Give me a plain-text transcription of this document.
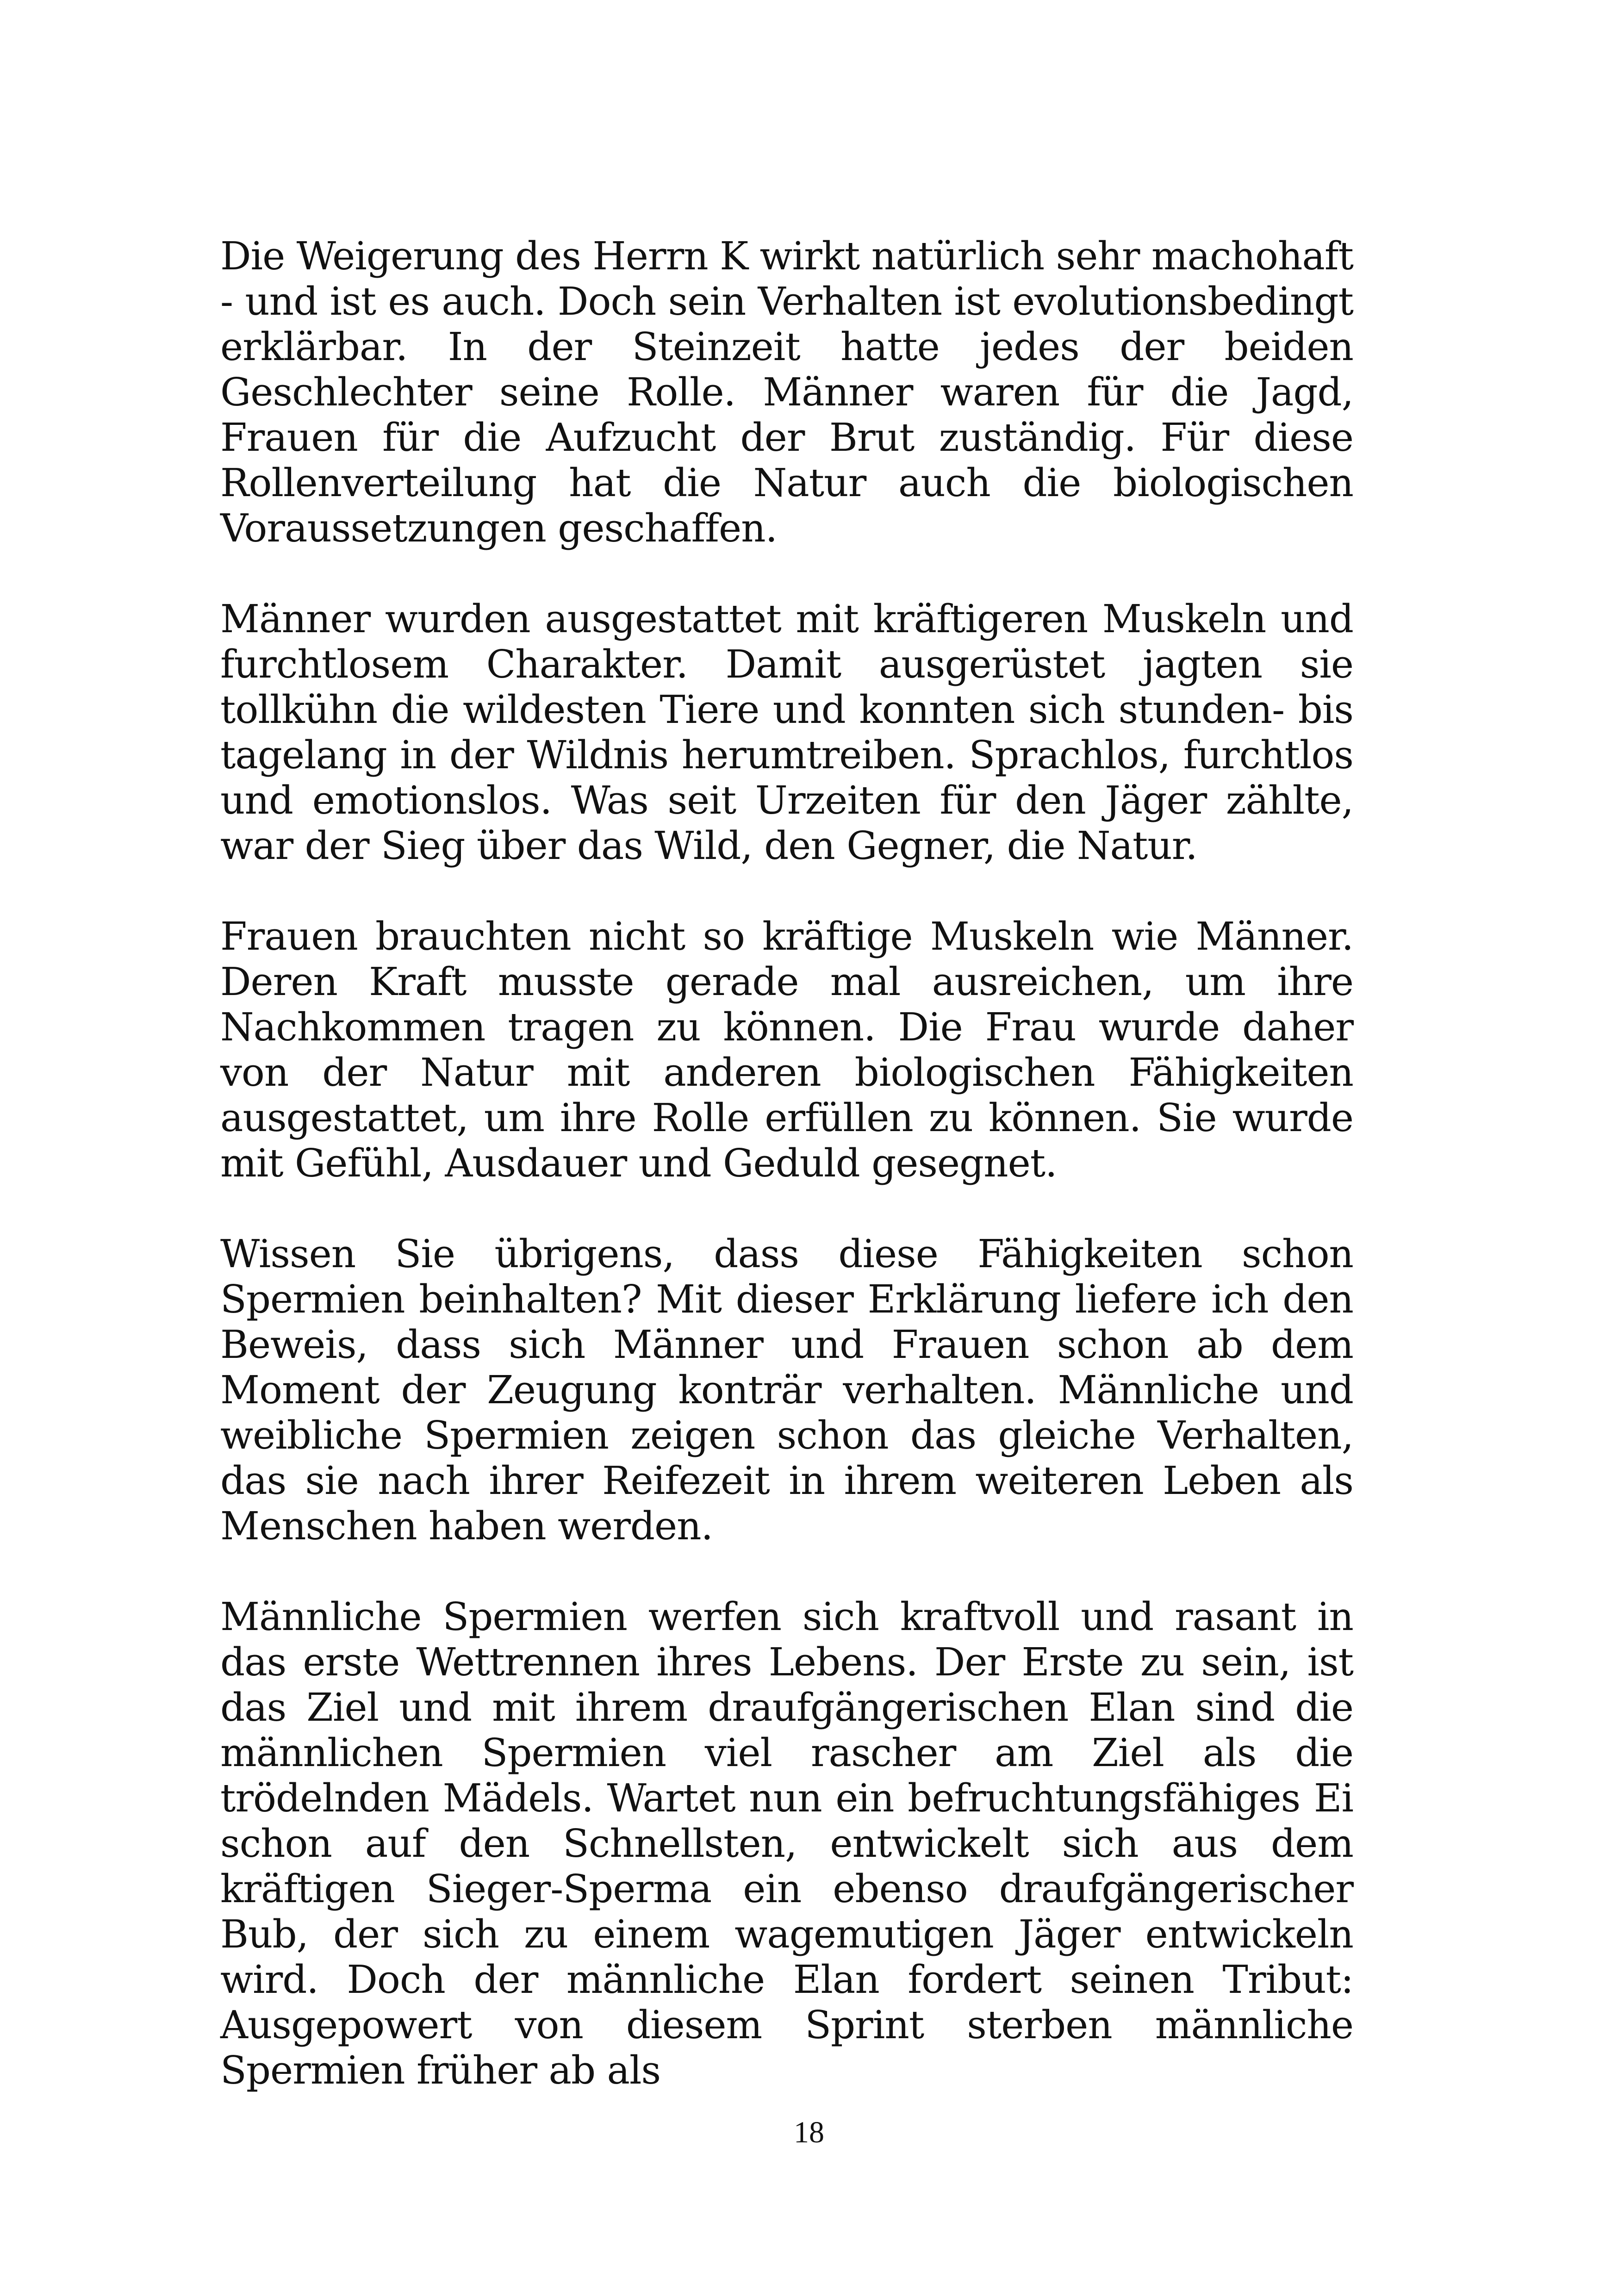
Die Weigerung des Herrn K wirkt natürlich sehr machohaft - und ist es auch. Doch sein Verhalten ist evolutionsbedingt erklärbar. In der Steinzeit hatte jedes der beiden Geschlechter seine Rolle. Männer waren für die Jagd, Frauen für die Aufzucht der Brut zuständig. Für diese Rollenverteilung hat die Natur auch die biologischen Voraussetzungen geschaffen.

Männer wurden ausgestattet mit kräftigeren Muskeln und furchtlosem Charakter. Damit ausgerüstet jagten sie tollkühn die wildesten Tiere und konnten sich stunden- bis tagelang in der Wildnis herumtreiben. Sprachlos, furchtlos und emotionslos. Was seit Urzeiten für den Jäger zählte, war der Sieg über das Wild, den Gegner, die Natur.

Frauen brauchten nicht so kräftige Muskeln wie Männer. Deren Kraft musste gerade mal ausreichen, um ihre Nachkommen tragen zu können. Die Frau wurde daher von der Natur mit anderen biologischen Fähigkeiten ausgestattet, um ihre Rolle erfüllen zu können. Sie wurde mit Gefühl, Ausdauer und Geduld gesegnet.

Wissen Sie übrigens, dass diese Fähigkeiten schon Spermien beinhalten? Mit dieser Erklärung liefere ich den Beweis, dass sich Männer und Frauen schon ab dem Moment der Zeugung konträr verhalten. Männliche und weibliche Spermien zeigen schon das gleiche Verhalten, das sie nach ihrer Reifezeit in ihrem weiteren Leben als Menschen haben werden.

Männliche Spermien werfen sich kraftvoll und rasant in das erste Wettrennen ihres Lebens. Der Erste zu sein, ist das Ziel und mit ihrem draufgängerischen Elan sind die männlichen Spermien viel rascher am Ziel als die trödelnden Mädels. Wartet nun ein befruchtungsfähiges Ei schon auf den Schnellsten, entwickelt sich aus dem kräftigen Sieger-Sperma ein ebenso draufgängerischer Bub, der sich zu einem wagemutigen Jäger entwickeln wird. Doch der männliche Elan fordert seinen Tribut: Ausgepowert von diesem Sprint sterben männliche Spermien früher ab als

18
